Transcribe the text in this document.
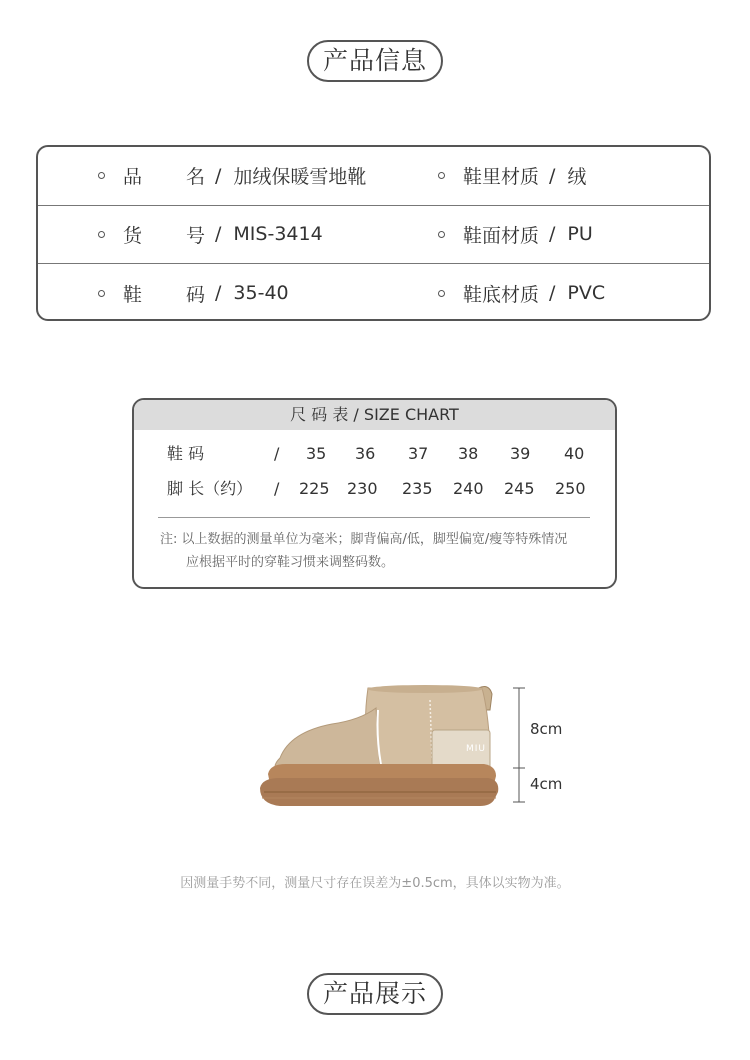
产品信息
品名 / 加绒保暖雪地靴	鞋里材质 / 绒
货号 / MIS-3414	鞋面材质 / PU
鞋码 / 35-40	鞋底材质 / PVC
尺 码 表 / SIZE CHART
鞋 码	/ 35 36 37 38 39 40
脚 长（约） / 225 230 235 240 245 250
注: 以上数据的测量单位为毫米；脚背偏高/低，脚型偏宽/瘦等特殊情况
应根据平时的穿鞋习惯来调整码数。
MIU MIU
8cm
4cm
因测量手势不同，测量尺寸存在误差为±0.5cm，具体以实物为准。
产品展示
